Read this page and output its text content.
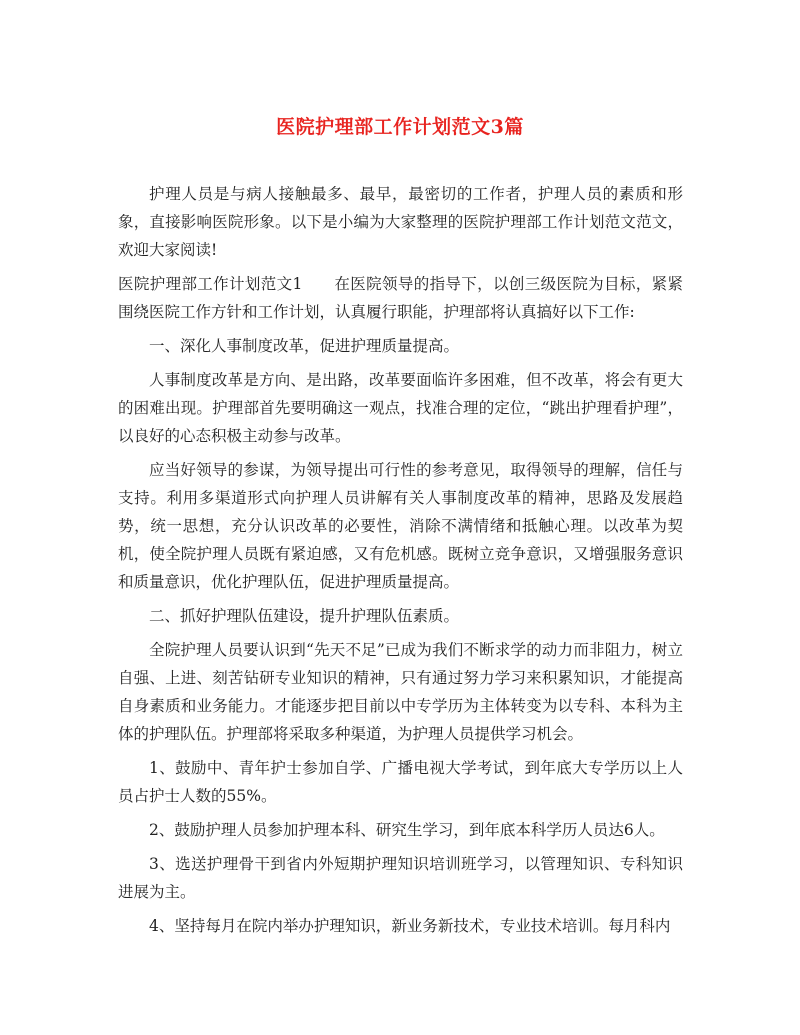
医院护理部工作计划范文3篇

护理人员是与病人接触最多、最早，最密切的工作者，护理人员的素质和形象，直接影响医院形象。以下是小编为大家整理的医院护理部工作计划范文范文，欢迎大家阅读!

医院护理部工作计划范文1　　在医院领导的指导下，以创三级医院为目标，紧紧围绕医院工作方针和工作计划，认真履行职能，护理部将认真搞好以下工作:

一、深化人事制度改革，促进护理质量提高。

人事制度改革是方向、是出路，改革要面临许多困难，但不改革，将会有更大的困难出现。护理部首先要明确这一观点，找准合理的定位，“跳出护理看护理”，以良好的心态积极主动参与改革。

应当好领导的参谋，为领导提出可行性的参考意见，取得领导的理解，信任与支持。利用多渠道形式向护理人员讲解有关人事制度改革的精神，思路及发展趋势，统一思想，充分认识改革的必要性，消除不满情绪和抵触心理。以改革为契机，使全院护理人员既有紧迫感，又有危机感。既树立竞争意识，又增强服务意识和质量意识，优化护理队伍，促进护理质量提高。

二、抓好护理队伍建设，提升护理队伍素质。

全院护理人员要认识到“先天不足”已成为我们不断求学的动力而非阻力，树立自强、上进、刻苦钻研专业知识的精神，只有通过努力学习来积累知识，才能提高自身素质和业务能力。才能逐步把目前以中专学历为主体转变为以专科、本科为主体的护理队伍。护理部将采取多种渠道，为护理人员提供学习机会。

1、鼓励中、青年护士参加自学、广播电视大学考试，到年底大专学历以上人员占护士人数的55%。

2、鼓励护理人员参加护理本科、研究生学习，到年底本科学历人员达6人。

3、选送护理骨干到省内外短期护理知识培训班学习，以管理知识、专科知识进展为主。

4、坚持每月在院内举办护理知识，新业务新技术，专业技术培训。每月科内
